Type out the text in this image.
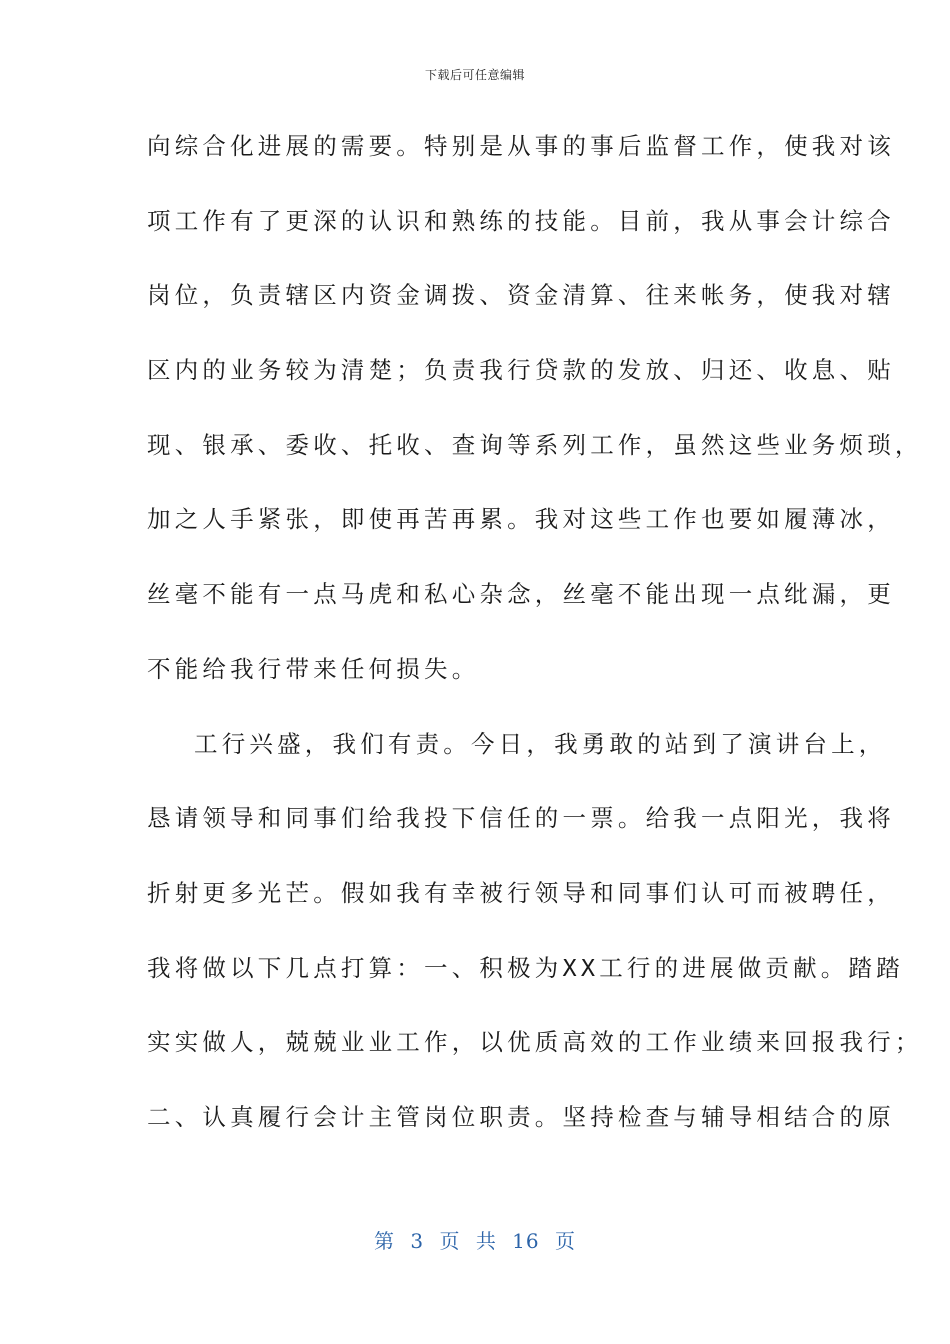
下载后可任意编辑
向综合化进展的需要。特别是从事的事后监督工作，使我对该
项工作有了更深的认识和熟练的技能。目前，我从事会计综合
岗位，负责辖区内资金调拨、资金清算、往来帐务，使我对辖
区内的业务较为清楚；负责我行贷款的发放、归还、收息、贴
现、银承、委收、托收、查询等系列工作，虽然这些业务烦琐，
加之人手紧张，即使再苦再累。我对这些工作也要如履薄冰，
丝毫不能有一点马虎和私心杂念，丝毫不能出现一点纰漏，更
不能给我行带来任何损失。
工行兴盛，我们有责。今日，我勇敢的站到了演讲台上，
恳请领导和同事们给我投下信任的一票。给我一点阳光，我将
折射更多光芒。假如我有幸被行领导和同事们认可而被聘任，
我将做以下几点打算：一、积极为XX工行的进展做贡献。踏踏
实实做人，兢兢业业工作，以优质高效的工作业绩来回报我行；
二、认真履行会计主管岗位职责。坚持检查与辅导相结合的原
第 3 页 共 16 页
